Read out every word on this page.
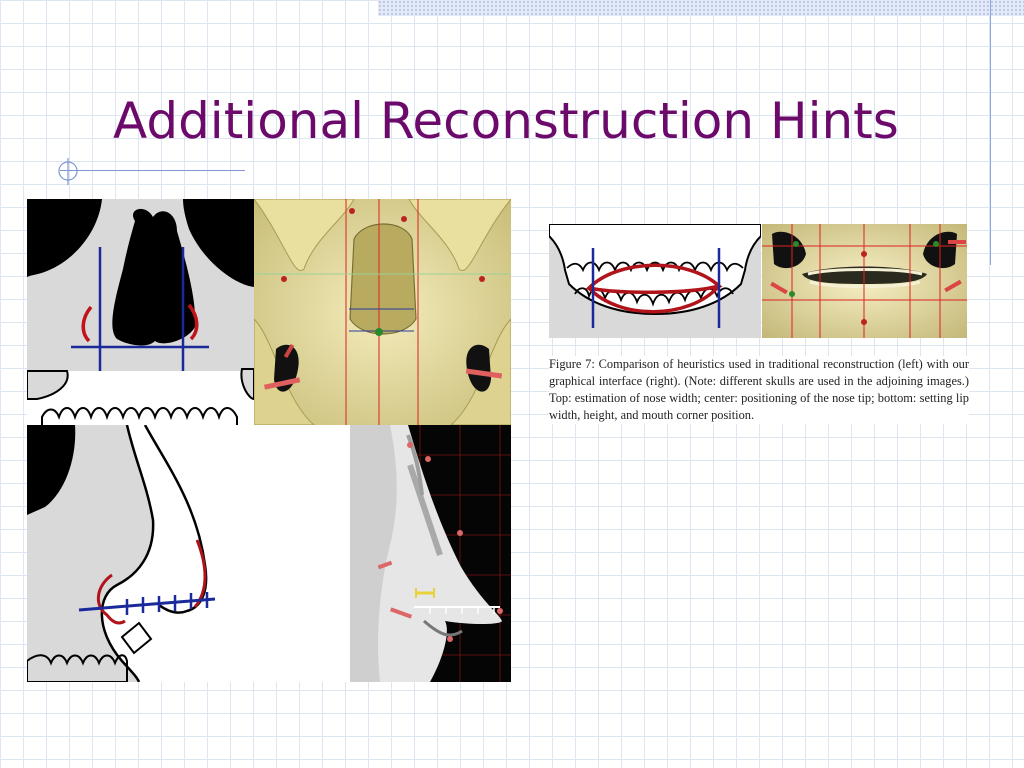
Additional Reconstruction Hints

Figure 7: Comparison of heuristics used in traditional reconstruction (left) with our graphical interface (right). (Note: different skulls are used in the adjoining images.) Top: estimation of nose width; center: positioning of the nose tip; bottom: setting lip width, height, and mouth corner position.
